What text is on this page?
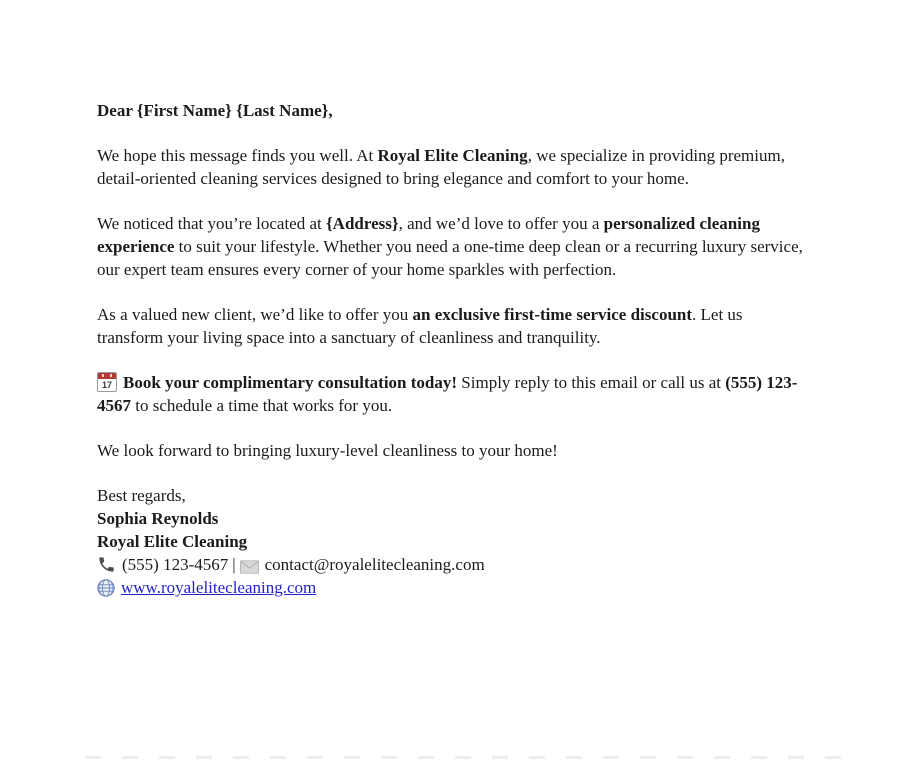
Dear {First Name} {Last Name},

We hope this message finds you well. At Royal Elite Cleaning, we specialize in providing premium, detail-oriented cleaning services designed to bring elegance and comfort to your home.

We noticed that you’re located at {Address}, and we’d love to offer you a personalized cleaning experience to suit your lifestyle. Whether you need a one-time deep clean or a recurring luxury service, our expert team ensures every corner of your home sparkles with perfection.

As a valued new client, we’d like to offer you an exclusive first-time service discount. Let us transform your living space into a sanctuary of cleanliness and tranquility.

17 Book your complimentary consultation today! Simply reply to this email or call us at (555) 123-4567 to schedule a time that works for you.

We look forward to bringing luxury-level cleanliness to your home!

Best regards,

Sophia Reynolds

Royal Elite Cleaning

(555) 123-4567 | contact@royalelitecleaning.com

www.royalelitecleaning.com
